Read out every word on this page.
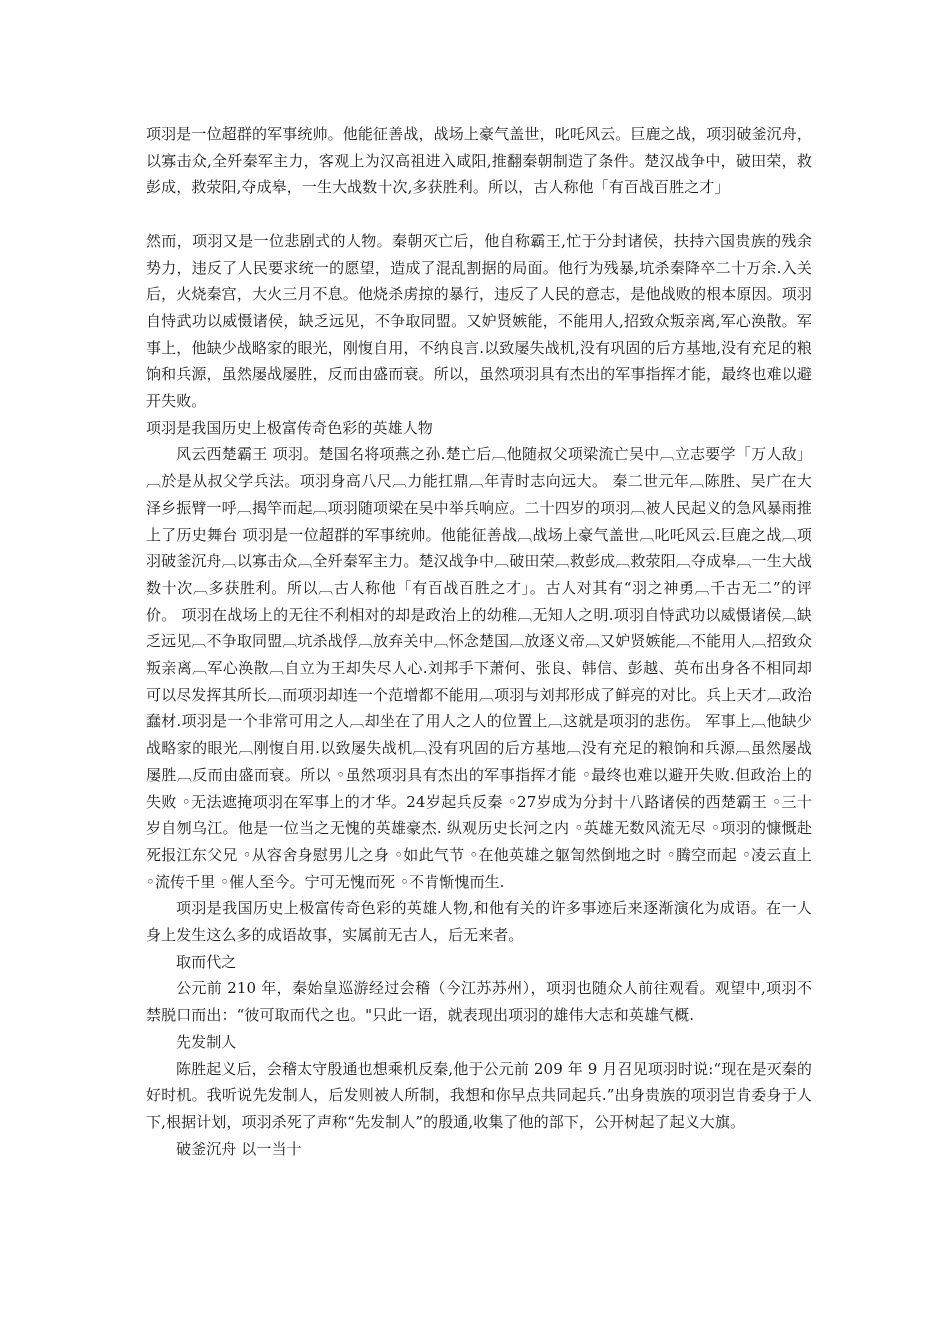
项羽是一位超群的军事统帅。他能征善战，战场上豪气盖世，叱吒风云。巨鹿之战，项羽破釜沉舟，以寡击众,全歼秦军主力，客观上为汉高祖进入咸阳,推翻秦朝制造了条件。楚汉战争中，破田荣，救彭成，救荥阳,夺成皋，一生大战数十次,多获胜利。所以，古人称他「有百战百胜之才」

然而，项羽又是一位悲剧式的人物。秦朝灭亡后，他自称霸王,忙于分封诸侯，扶持六国贵族的残余势力，违反了人民要求统一的愿望，造成了混乱割据的局面。他行为残暴,坑杀秦降卒二十万余.入关后，火烧秦宫，大火三月不息。他烧杀虏掠的暴行，违反了人民的意志，是他战败的根本原因。项羽自恃武功以威慑诸侯，缺乏远见，不争取同盟。又妒贤嫉能，不能用人,招致众叛亲离,军心涣散。军事上，他缺少战略家的眼光，刚愎自用，不纳良言.以致屡失战机,没有巩固的后方基地,没有充足的粮饷和兵源，虽然屡战屡胜，反而由盛而衰。所以，虽然项羽具有杰出的军事指挥才能，最终也难以避开失败。

项羽是我国历史上极富传奇色彩的英雄人物

风云西楚霸王 项羽。楚国名将项燕之孙.楚亡后︹他随叔父项梁流亡吴中︹立志要学「万人敌」︹於是从叔父学兵法。项羽身高八尺︹力能扛鼎︹年青时志向远大。 秦二世元年︹陈胜、吴广在大泽乡振臂一呼︹揭竿而起︹项羽随项梁在吴中举兵响应。二十四岁的项羽︹被人民起义的急风暴雨推上了历史舞台 项羽是一位超群的军事统帅。他能征善战︹战场上豪气盖世︹叱吒风云.巨鹿之战︹项羽破釜沉舟︹以寡击众︹全歼秦军主力。楚汉战争中︹破田荣︹救彭成︹救荥阳︹夺成皋︹一生大战数十次︹多获胜利。所以︹古人称他「有百战百胜之才」。古人对其有“羽之神勇︹千古无二”的评价。 项羽在战场上的无往不利相对的却是政治上的幼稚︹无知人之明.项羽自恃武功以威慑诸侯︹缺乏远见︹不争取同盟︹坑杀战俘︹放弃关中︹怀念楚国︹放逐义帝︹又妒贤嫉能︹不能用人︹招致众叛亲离︹军心涣散︹自立为王却失尽人心.刘邦手下萧何、张良、韩信、彭越、英布出身各不相同却可以尽发挥其所长︹而项羽却连一个范增都不能用︹项羽与刘邦形成了鲜亮的对比。兵上天才︹政治蠢材.项羽是一个非常可用之人︹却坐在了用人之人的位置上︹这就是项羽的悲伤。 军事上︹他缺少战略家的眼光︹刚愎自用.以致屡失战机︹没有巩固的后方基地︹没有充足的粮饷和兵源︹虽然屡战屡胜︹反而由盛而衰。所以 ◦虽然项羽具有杰出的军事指挥才能 ◦最终也难以避开失败.但政治上的失败 ◦无法遮掩项羽在军事上的才华。24岁起兵反秦 ◦27岁成为分封十八路诸侯的西楚霸王 ◦三十岁自刎乌江。他是一位当之无愧的英雄豪杰. 纵观历史长河之内 ◦英雄无数风流无尽 ◦项羽的慷慨赴死报江东父兄 ◦从容舍身慰男儿之身 ◦如此气节 ◦在他英雄之躯訇然倒地之时 ◦腾空而起 ◦凌云直上 ◦流传千里 ◦催人至今。宁可无愧而死 ◦不肯惭愧而生.

项羽是我国历史上极富传奇色彩的英雄人物,和他有关的许多事迹后来逐渐演化为成语。在一人身上发生这么多的成语故事，实属前无古人，后无来者。

取而代之

公元前 210 年，秦始皇巡游经过会稽（今江苏苏州），项羽也随众人前往观看。观望中,项羽不禁脱口而出：“彼可取而代之也。"只此一语，就表现出项羽的雄伟大志和英雄气概.

先发制人

陈胜起义后，会稽太守殷通也想乘机反秦,他于公元前 209 年 9 月召见项羽时说:“现在是灭秦的好时机。我听说先发制人，后发则被人所制，我想和你早点共同起兵.”出身贵族的项羽岂肯委身于人下,根据计划，项羽杀死了声称“先发制人”的殷通,收集了他的部下，公开树起了起义大旗。

破釜沉舟 以一当十
